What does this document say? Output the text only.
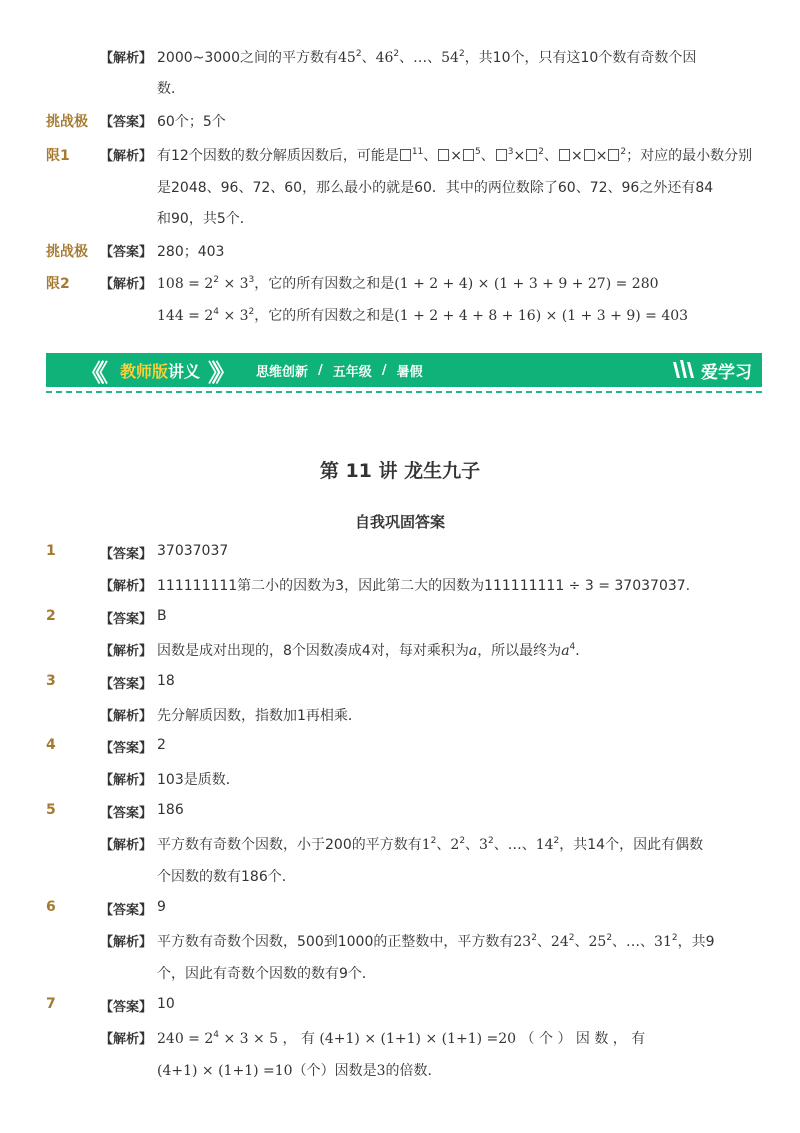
【解析】 2000~3000之间的平方数有$45^2$、$46^2$、…、$54^2$，共10个，只有这10个数有奇数个因
数．
挑战极 【答案】 60个；5个
限1 【解析】 有12个因数的数分解质因数后，可能是 $^{11}$、 × $^5$、 $^3$× $^2$、 × × $^2$；对应的最小数分别
是2048、96、72、60，那么最小的就是60．其中的两位数除了60、72、96之外还有84
和90，共5个．
挑战极 【答案】 280；403
限2 【解析】 $108 = 2^2 \times 3^3$，它的所有因数之和是(1 + 2 + 4) × (1 + 3 + 9 + 27) = 280
$144 = 2^4 \times 3^2$，它的所有因数之和是(1 + 2 + 4 + 8 + 16) × (1 + 3 + 9) = 403
《《 教师版讲义 》》 思维创新 / 五年级 / 暑假	爱学习
第 11 讲 龙生九子
自我巩固答案
1	【答案】 37037037
【解析】 111111111第二小的因数为3，因此第二大的因数为111111111 ÷ 3 = 37037037.
2	【答案】 B
【解析】 因数是成对出现的，8个因数凑成4对，每对乘积为a，所以最终为$a^4$．
3	【答案】 18
【解析】 先分解质因数，指数加1再相乘．
4	【答案】 2
【解析】 103是质数．
5	【答案】 186
【解析】 平方数有奇数个因数，小于200的平方数有$1^2$、$2^2$、$3^2$、…、$14^2$，共14个，因此有偶数
个因数的数有186个．
6	【答案】 9
【解析】 平方数有奇数个因数，500到1000的正整数中，平方数有$23^2$、$24^2$、$25^2$、…、$31^2$，共9
个，因此有奇数个因数的数有9个．
7	【答案】 10
【解析】 $240 = 2^4 \times 3 \times 5$ ， 有 (4+1) × (1+1) × (1+1) =20 （ 个 ） 因 数 ， 有
(4+1) × (1+1) =10（个）因数是3的倍数．
